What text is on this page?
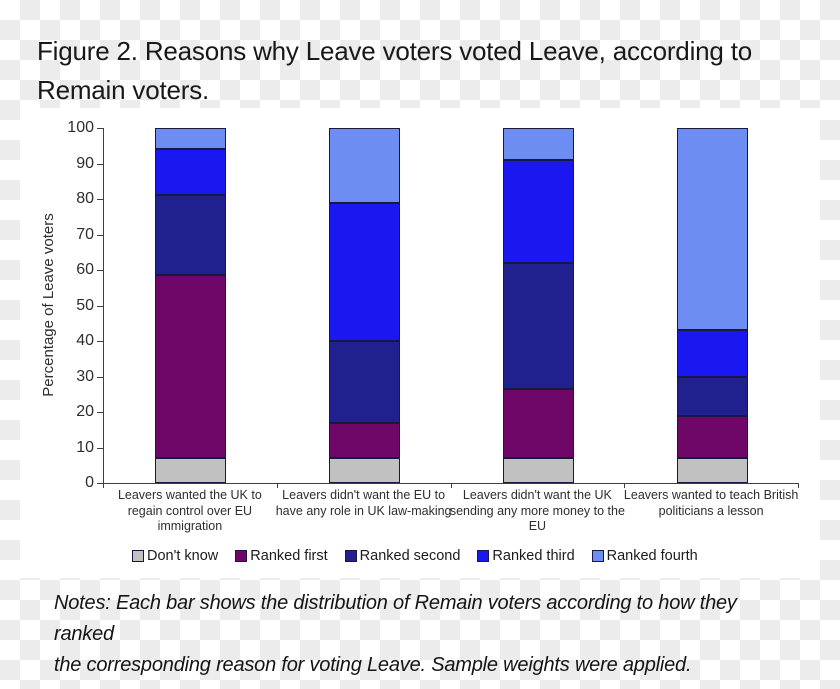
Figure 2. Reasons why Leave voters voted Leave, according to
Remain voters.
Percentage of Leave voters
0
10
20
30
40
50
60
70
80
90
100
Leavers wanted the UK to
regain control over EU
immigration
Leavers didn't want the EU to
have any role in UK law-making
Leavers didn't want the UK
sending any more money to the
EU
Leavers wanted to teach British
politicians a lesson
Don't know Ranked first Ranked second Ranked third Ranked fourth
Notes: Each bar shows the distribution of Remain voters according to how they ranked
the corresponding reason for voting Leave. Sample weights were applied.
